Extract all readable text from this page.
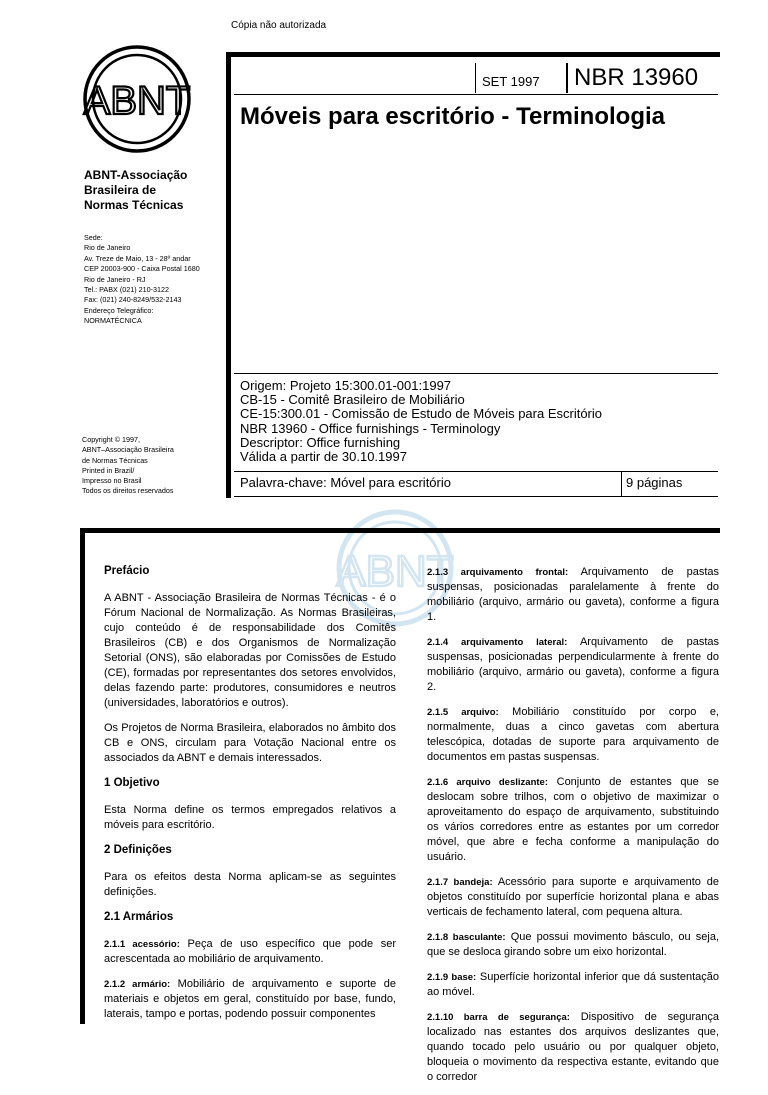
Cópia não autorizada
ABNT
ABNT-Associação
Brasileira de
Normas Técnicas
Sede:
Rio de Janeiro
Av. Treze de Maio, 13 - 28º andar
CEP 20003-900 - Caixa Postal 1680
Rio de Janeiro - RJ
Tel.: PABX (021) 210-3122
Fax: (021) 240-8249/532-2143
Endereço Telegráfico:
NORMATÉCNICA
Copyright © 1997,
ABNT–Associação Brasileira
de Normas Técnicas
Printed in Brazil/
Impresso no Brasil
Todos os direitos reservados
SET 1997 NBR 13960
Móveis para escritório - Terminologia
Origem: Projeto 15:300.01-001:1997
CB-15 - Comitê Brasileiro de Mobiliário
CE-15:300.01 - Comissão de Estudo de Móveis para Escritório
NBR 13960 - Office furnishings - Terminology
Descriptor: Office furnishing
Válida a partir de 30.10.1997
Palavra-chave: Móvel para escritório	9 páginas
ABNT
Prefácio

A ABNT - Associação Brasileira de Normas Técnicas - é o Fórum Nacional de Normalização. As Normas Brasileiras, cujo conteúdo é de responsabilidade dos Comitês Brasileiros (CB) e dos Organismos de Normalização Setorial (ONS), são elaboradas por Comissões de Estudo (CE), formadas por representantes dos setores envolvidos, delas fazendo parte: produtores, consumidores e neutros (universidades, laboratórios e outros).

Os Projetos de Norma Brasileira, elaborados no âmbito dos CB e ONS, circulam para Votação Nacional entre os associados da ABNT e demais interessados.

1 Objetivo

Esta Norma define os termos empregados relativos a móveis para escritório.

2 Definições

Para os efeitos desta Norma aplicam-se as seguintes definições.

2.1 Armários

2.1.1 acessório: Peça de uso específico que pode ser acrescentada ao mobiliário de arquivamento.

2.1.2 armário: Mobiliário de arquivamento e suporte de materiais e objetos em geral, constituído por base, fundo, laterais, tampo e portas, podendo possuir componentes

2.1.3 arquivamento frontal: Arquivamento de pastas suspensas, posicionadas paralelamente à frente do mobiliário (arquivo, armário ou gaveta), conforme a figura 1.

2.1.4 arquivamento lateral: Arquivamento de pastas suspensas, posicionadas perpendicularmente à frente do mobiliário (arquivo, armário ou gaveta), conforme a figura 2.

2.1.5 arquivo: Mobiliário constituído por corpo e, normalmente, duas a cinco gavetas com abertura telescópica, dotadas de suporte para arquivamento de documentos em pastas suspensas.

2.1.6 arquivo deslizante: Conjunto de estantes que se deslocam sobre trilhos, com o objetivo de maximizar o aproveitamento do espaço de arquivamento, substituindo os vários corredores entre as estantes por um corredor móvel, que abre e fecha conforme a manipulação do usuário.

2.1.7 bandeja: Acessório para suporte e arquivamento de objetos constituído por superfície horizontal plana e abas verticais de fechamento lateral, com pequena altura.

2.1.8 basculante: Que possui movimento básculo, ou seja, que se desloca girando sobre um eixo horizontal.

2.1.9 base: Superfície horizontal inferior que dá sustentação ao móvel.

2.1.10 barra de segurança: Dispositivo de segurança localizado nas estantes dos arquivos deslizantes que, quando tocado pelo usuário ou por qualquer objeto, bloqueia o movimento da respectiva estante, evitando que o corredor
